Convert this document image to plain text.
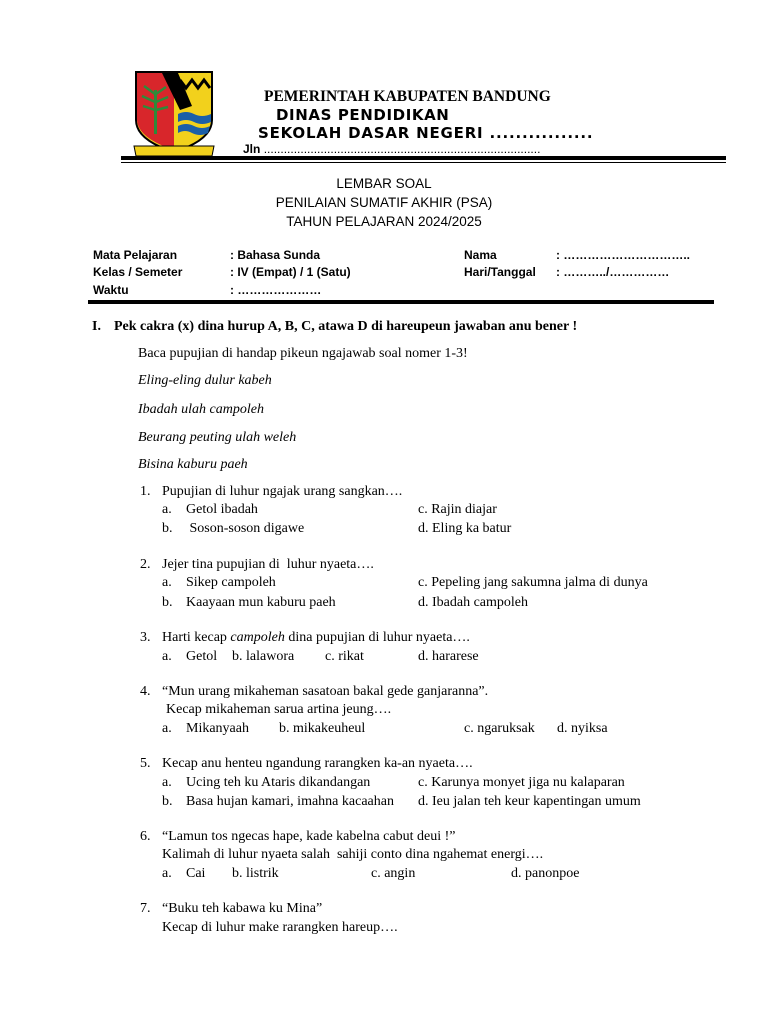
PEMERINTAH KABUPATEN BANDUNG
DINAS PENDIDIKAN
SEKOLAH DASAR NEGERI ................
Jln ...................................................................................
LEMBAR SOAL
PENILAIAN SUMATIF AKHIR (PSA)
TAHUN PELAJARAN 2024/2025
Mata Pelajaran	: Bahasa Sunda
Kelas / Semeter	: IV (Empat) / 1 (Satu)
Waktu	: …………………
Nama	: …………………………..
Hari/Tanggal : ………../……………
I. Pek cakra (x) dina hurup A, B, C, atawa D di hareupeun jawaban anu bener !
Baca pupujian di handap pikeun ngajawab soal nomer 1-3!
Eling-eling dulur kabeh
Ibadah ulah campoleh
Beurang peuting ulah weleh
Bisina kaburu paeh
1. Pupujian di luhur ngajak urang sangkan….
a. Getol ibadah
b. Soson-soson digawe
c. Rajin diajar
d. Eling ka batur
2. Jejer tina pupujian di  luhur nyaeta….
a. Sikep campoleh
b. Kaayaan mun kaburu paeh
c. Pepeling jang sakumna jalma di dunya
d. Ibadah campoleh
3. Harti kecap campoleh dina pupujian di luhur nyaeta….
a. Getol b. lalawora c. rikat	d. hararese
4. “Mun urang mikaheman sasatoan bakal gede ganjaranna”.
Kecap mikaheman sarua artina jeung….
a. Mikanyaah b. mikakeuheul	c. ngaruksak d. nyiksa
5. Kecap anu henteu ngandung rarangken ka-an nyaeta….
a. Ucing teh ku Ataris dikandangan
b. Basa hujan kamari, imahna kacaahan
c. Karunya monyet jiga nu kalaparan
d. Ieu jalan teh keur kapentingan umum
6. “Lamun tos ngecas hape, kade kabelna cabut deui !”
Kalimah di luhur nyaeta salah  sahiji conto dina ngahemat energi….
a. Cai b. listrik	c. angin	d. panonpoe
7. “Buku teh kabawa ku Mina”
Kecap di luhur make rarangken hareup….
